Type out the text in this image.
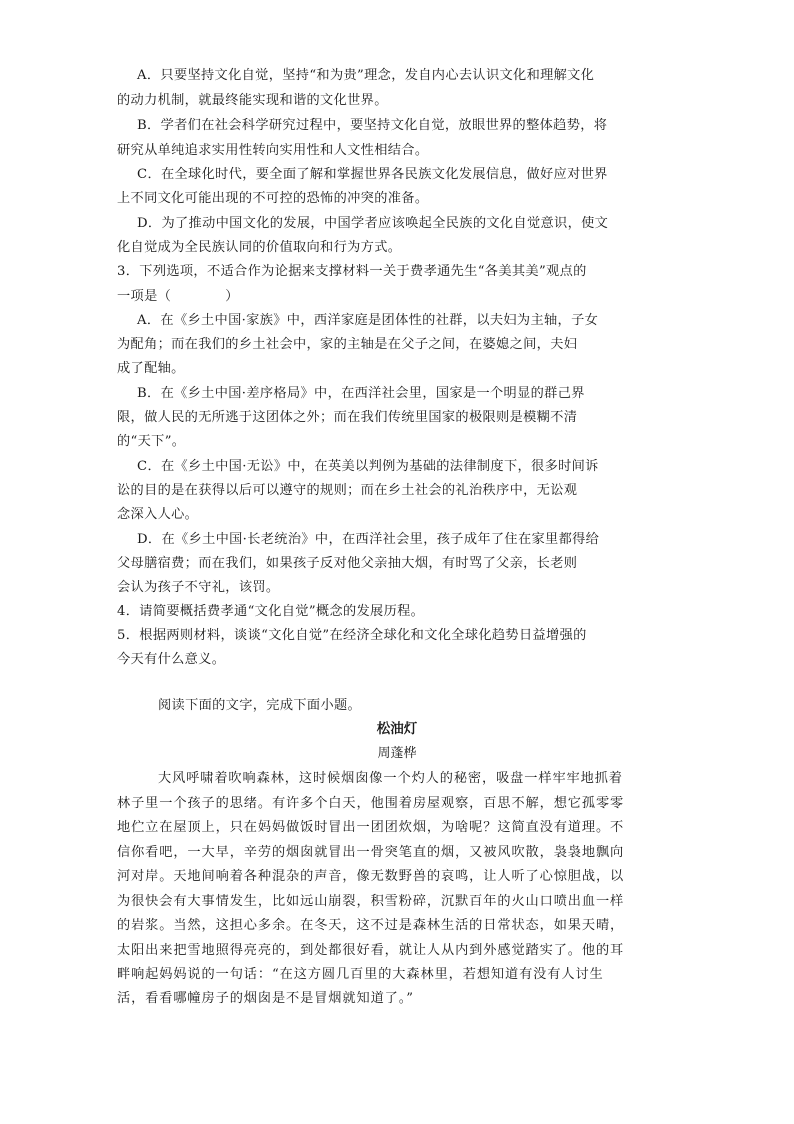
A．只要坚持文化自觉，坚持“和为贵”理念，发自内心去认识文化和理解文化
的动力机制，就最终能实现和谐的文化世界。
B．学者们在社会科学研究过程中，要坚持文化自觉，放眼世界的整体趋势，将
研究从单纯追求实用性转向实用性和人文性相结合。
C．在全球化时代，要全面了解和掌握世界各民族文化发展信息，做好应对世界
上不同文化可能出现的不可控的恐怖的冲突的准备。
D．为了推动中国文化的发展，中国学者应该唤起全民族的文化自觉意识，使文
化自觉成为全民族认同的价值取向和行为方式。
3．下列选项，不适合作为论据来支撑材料一关于费孝通先生“各美其美”观点的
一项是（　　　　）
A．在《乡土中国·家族》中，西洋家庭是团体性的社群，以夫妇为主轴，子女
为配角；而在我们的乡土社会中，家的主轴是在父子之间，在婆媳之间，夫妇
成了配轴。
B．在《乡土中国·差序格局》中，在西洋社会里，国家是一个明显的群己界
限，做人民的无所逃于这团体之外；而在我们传统里国家的极限则是模糊不清
的“天下”。
C．在《乡土中国·无讼》中，在英美以判例为基础的法律制度下，很多时间诉
讼的目的是在获得以后可以遵守的规则；而在乡土社会的礼治秩序中，无讼观
念深入人心。
D．在《乡土中国·长老统治》中，在西洋社会里，孩子成年了住在家里都得给
父母膳宿费；而在我们，如果孩子反对他父亲抽大烟，有时骂了父亲，长老则
会认为孩子不守礼，该罚。
4．请简要概括费孝通“文化自觉”概念的发展历程。
5．根据两则材料，谈谈“文化自觉”在经济全球化和文化全球化趋势日益增强的
今天有什么意义。
阅读下面的文字，完成下面小题。
松油灯
周蓬桦
大风呼啸着吹响森林，这时候烟囱像一个灼人的秘密，吸盘一样牢牢地抓着
林子里一个孩子的思绪。有许多个白天，他围着房屋观察，百思不解，想它孤零零
地伫立在屋顶上，只在妈妈做饭时冒出一团团炊烟，为啥呢？这简直没有道理。不
信你看吧，一大早，辛劳的烟囱就冒出一骨突笔直的烟，又被风吹散，袅袅地飘向
河对岸。天地间响着各种混杂的声音，像无数野兽的哀鸣，让人听了心惊胆战，以
为很快会有大事情发生，比如远山崩裂，积雪粉碎，沉默百年的火山口喷出血一样
的岩浆。当然，这担心多余。在冬天，这不过是森林生活的日常状态，如果天晴，
太阳出来把雪地照得亮亮的，到处都很好看，就让人从内到外感觉踏实了。他的耳
畔响起妈妈说的一句话：“在这方圆几百里的大森林里，若想知道有没有人讨生
活，看看哪幢房子的烟囱是不是冒烟就知道了。”
